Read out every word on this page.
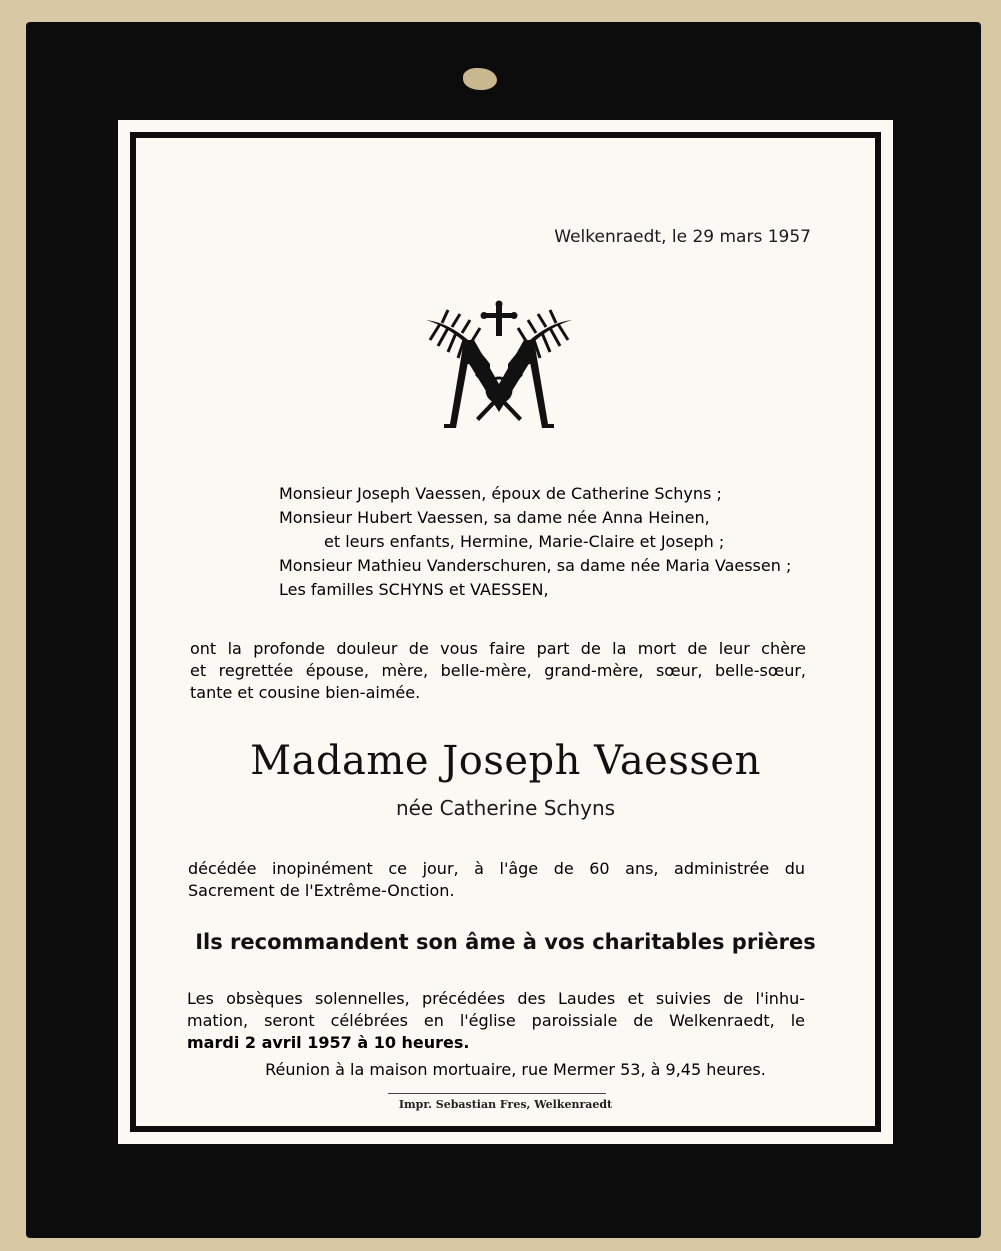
Welkenraedt, le 29 mars 1957
Monsieur Joseph Vaessen, époux de Catherine Schyns ;
Monsieur Hubert Vaessen, sa dame née Anna Heinen,
et leurs enfants, Hermine, Marie-Claire et Joseph ;
Monsieur Mathieu Vanderschuren, sa dame née Maria Vaessen ;
Les familles SCHYNS et VAESSEN,
ont la profonde douleur de vous faire part de la mort de leur chère
et regrettée épouse, mère, belle-mère, grand-mère, sœur, belle-sœur,
tante et cousine bien-aimée.
Madame Joseph Vaessen
née Catherine Schyns
décédée inopinément ce jour, à l'âge de 60 ans, administrée du
Sacrement de l'Extrême-Onction.
Ils recommandent son âme à vos charitables prières
Les obsèques solennelles, précédées des Laudes et suivies de l'inhu-
mation, seront célébrées en l'église paroissiale de Welkenraedt, le
mardi 2 avril 1957 à 10 heures.
Réunion à la maison mortuaire, rue Mermer 53, à 9,45 heures.
Impr. Sebastian Fres, Welkenraedt
